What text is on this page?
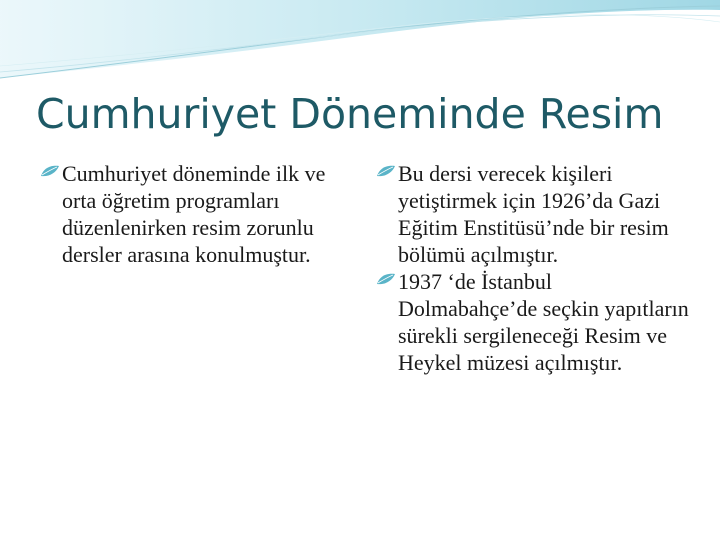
Cumhuriyet Döneminde Resim
Cumhuriyet döneminde ilk ve orta öğretim programları düzenlenirken resim zorunlu dersler arasına konulmuştur.
Bu dersi verecek kişileri yetiştirmek için 1926’da Gazi Eğitim Enstitüsü’nde bir resim bölümü açılmıştır.
1937 ‘de İstanbul Dolmabahçe’de seçkin yapıtların sürekli sergileneceği Resim ve Heykel müzesi açılmıştır.
